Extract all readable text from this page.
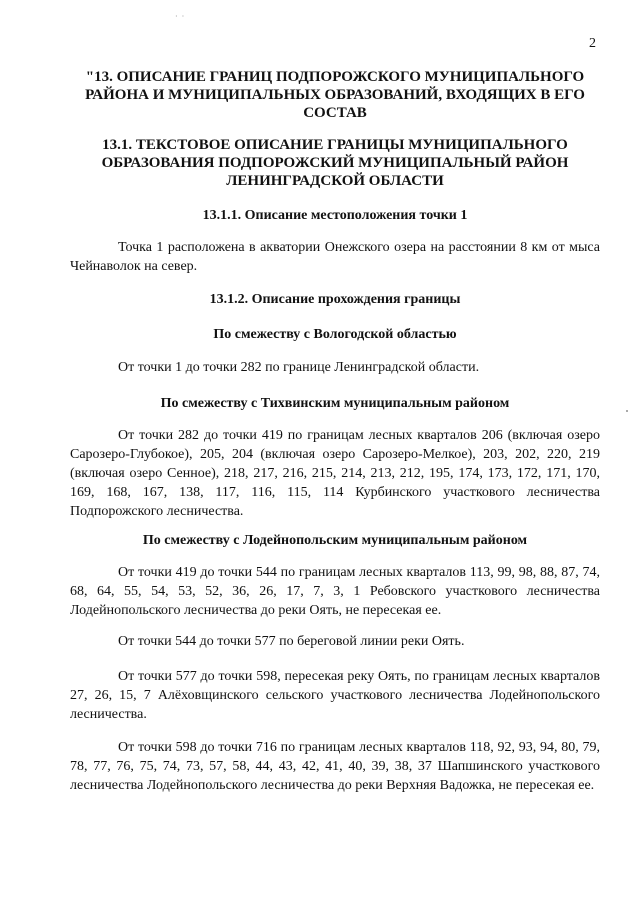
·  ·
2
"13. ОПИСАНИЕ ГРАНИЦ ПОДПОРОЖСКОГО МУНИЦИПАЛЬНОГО РАЙОНА И МУНИЦИПАЛЬНЫХ ОБРАЗОВАНИЙ, ВХОДЯЩИХ В ЕГО СОСТАВ
13.1. ТЕКСТОВОЕ ОПИСАНИЕ ГРАНИЦЫ МУНИЦИПАЛЬНОГО ОБРАЗОВАНИЯ ПОДПОРОЖСКИЙ МУНИЦИПАЛЬНЫЙ РАЙОН ЛЕНИНГРАДСКОЙ ОБЛАСТИ
13.1.1. Описание местоположения точки 1

Точка 1 расположена в акватории Онежского озера на расстоянии 8 км от мыса Чейнаволок на север.

13.1.2. Описание прохождения границы
По смежеству с Вологодской областью

От точки 1 до точки 282 по границе Ленинградской области.

По смежеству с Тихвинским муниципальным районом

От точки 282 до точки 419 по границам лесных кварталов 206 (включая озеро Сарозеро-Глубокое), 205, 204 (включая озеро Сарозеро-Мелкое), 203, 202, 220, 219 (включая озеро Сенное), 218, 217, 216, 215, 214, 213, 212, 195, 174, 173, 172, 171, 170, 169, 168, 167, 138, 117, 116, 115, 114 Курбинского участкового лесничества Подпорожского лесничества.

По смежеству с Лодейнопольским муниципальным районом

От точки 419 до точки 544 по границам лесных кварталов 113, 99, 98, 88, 87, 74, 68, 64, 55, 54, 53, 52, 36, 26, 17, 7, 3, 1 Ребовского участкового лесничества Лодейнопольского лесничества до реки Оять, не пересекая ее.

От точки 544 до точки 577 по береговой линии реки Оять.

От точки 577 до точки 598, пересекая реку Оять, по границам лесных кварталов 27, 26, 15, 7 Алёховщинского сельского участкового лесничества Лодейнопольского лесничества.

От точки 598 до точки 716 по границам лесных кварталов 118, 92, 93, 94, 80, 79, 78, 77, 76, 75, 74, 73, 57, 58, 44, 43, 42, 41, 40, 39, 38, 37 Шапшинского участкового лесничества Лодейнопольского лесничества до реки Верхняя Вадожка, не пересекая ее.
